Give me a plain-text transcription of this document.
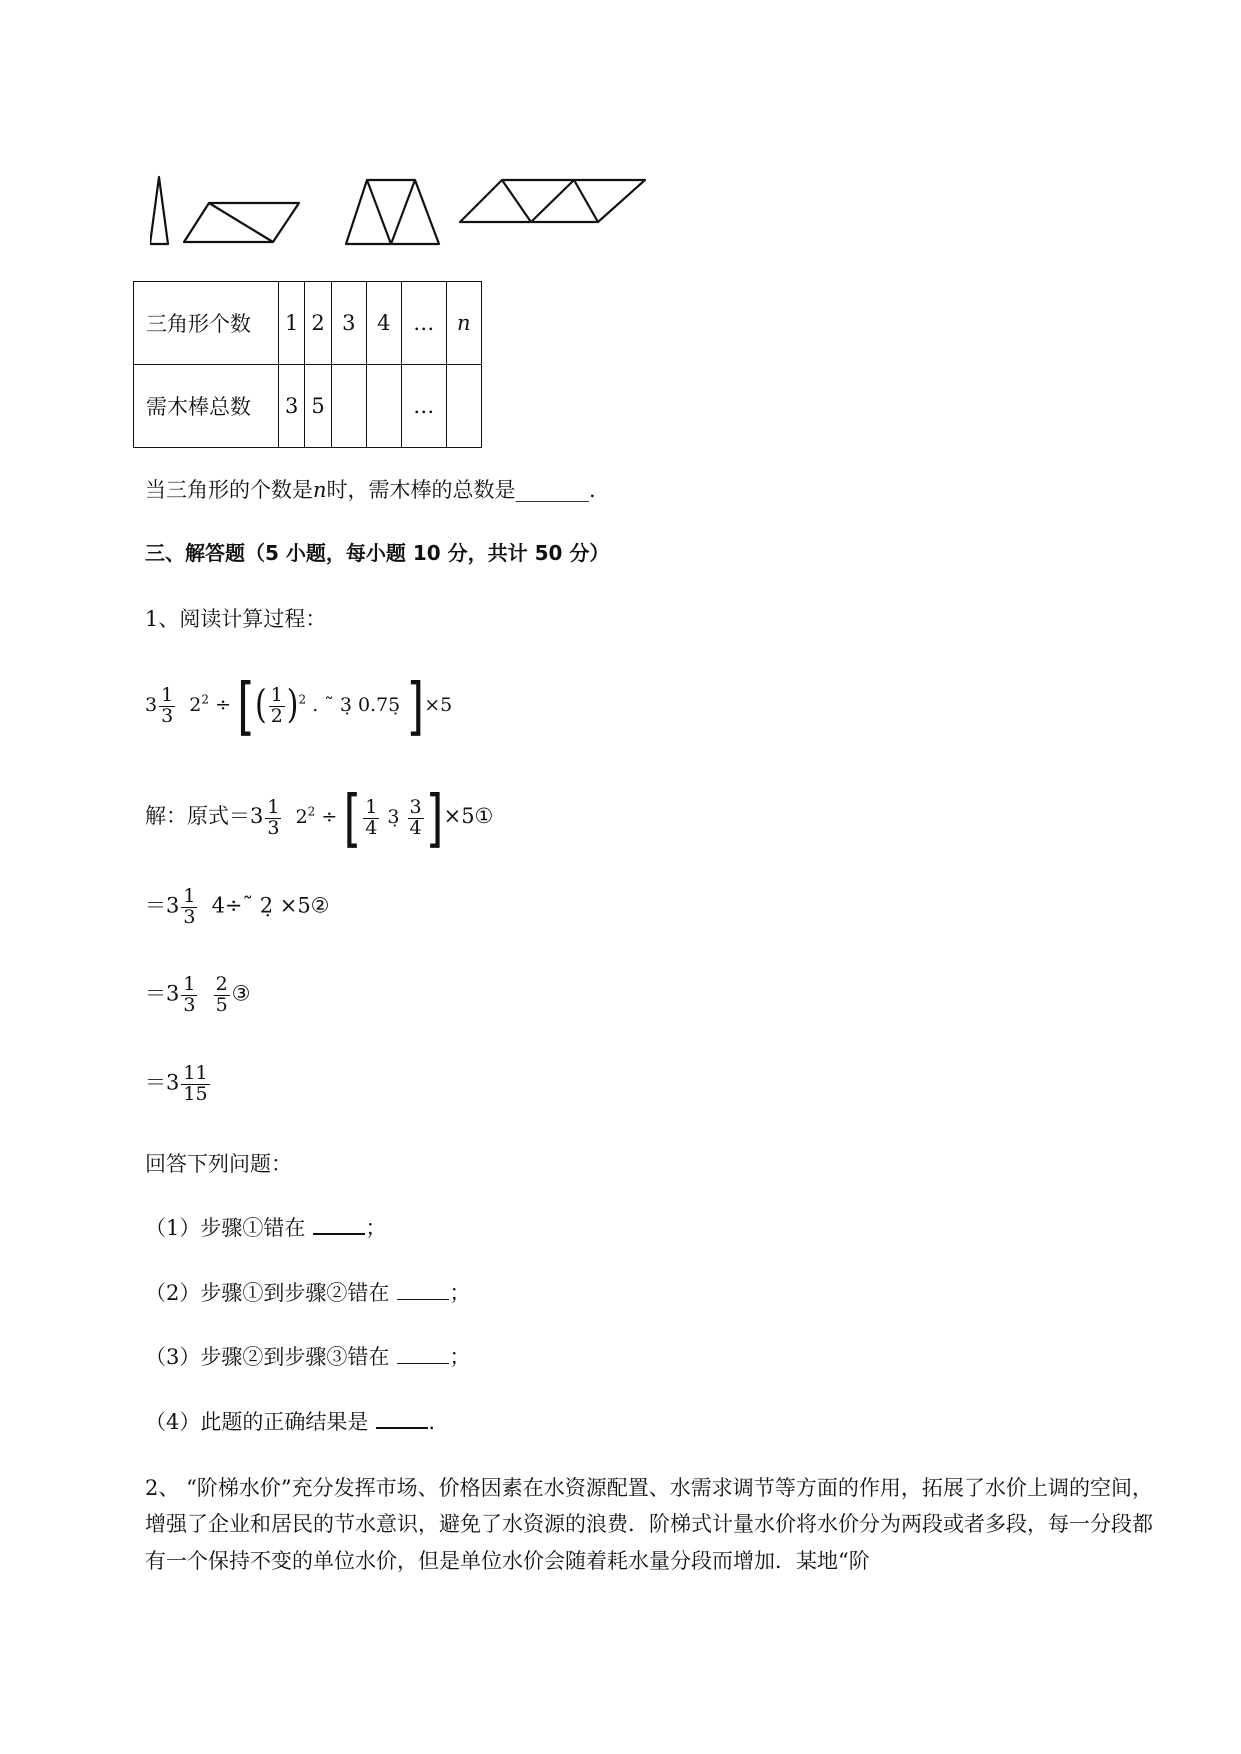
三角形个数	1	2	3	4	…	n
需木棒总数	3	5			…	
当三角形的个数是n时，需木棒的总数是_______.
三、解答题（5 小题，每小题 10 分，共计 50 分）
1、阅读计算过程：
$3 \frac{1}{3} 2^2$ ÷ [( $\frac{1}{2} )^2$ . ˜ 3̣ 0.75̣ ]×5
解：原式$=3 \frac{1}{3} 2^2$ ÷ [ $\frac{1}{4}$ 3̣ $\frac{3}{4}$ ]×5①
$=3 \frac{1}{3}$ 4÷˜ 2̣ ×5②
$=3 \frac{1}{3}$
$\frac{2}{5}$ ③
$=3 \frac{11}{15}$
回答下列问题：
（1）步骤①错在	；
（2）步骤①到步骤②错在	；
（3）步骤②到步骤③错在	；
（4）此题的正确结果是	.
2、 “阶梯水价”充分发挥市场、价格因素在水资源配置、水需求调节等方面的作用，拓展了水价上调的空间，增强了企业和居民的节水意识，避免了水资源的浪费．阶梯式计量水价将水价分为两段或者多段，每一分段都有一个保持不变的单位水价，但是单位水价会随着耗水量分段而增加．某地“阶
